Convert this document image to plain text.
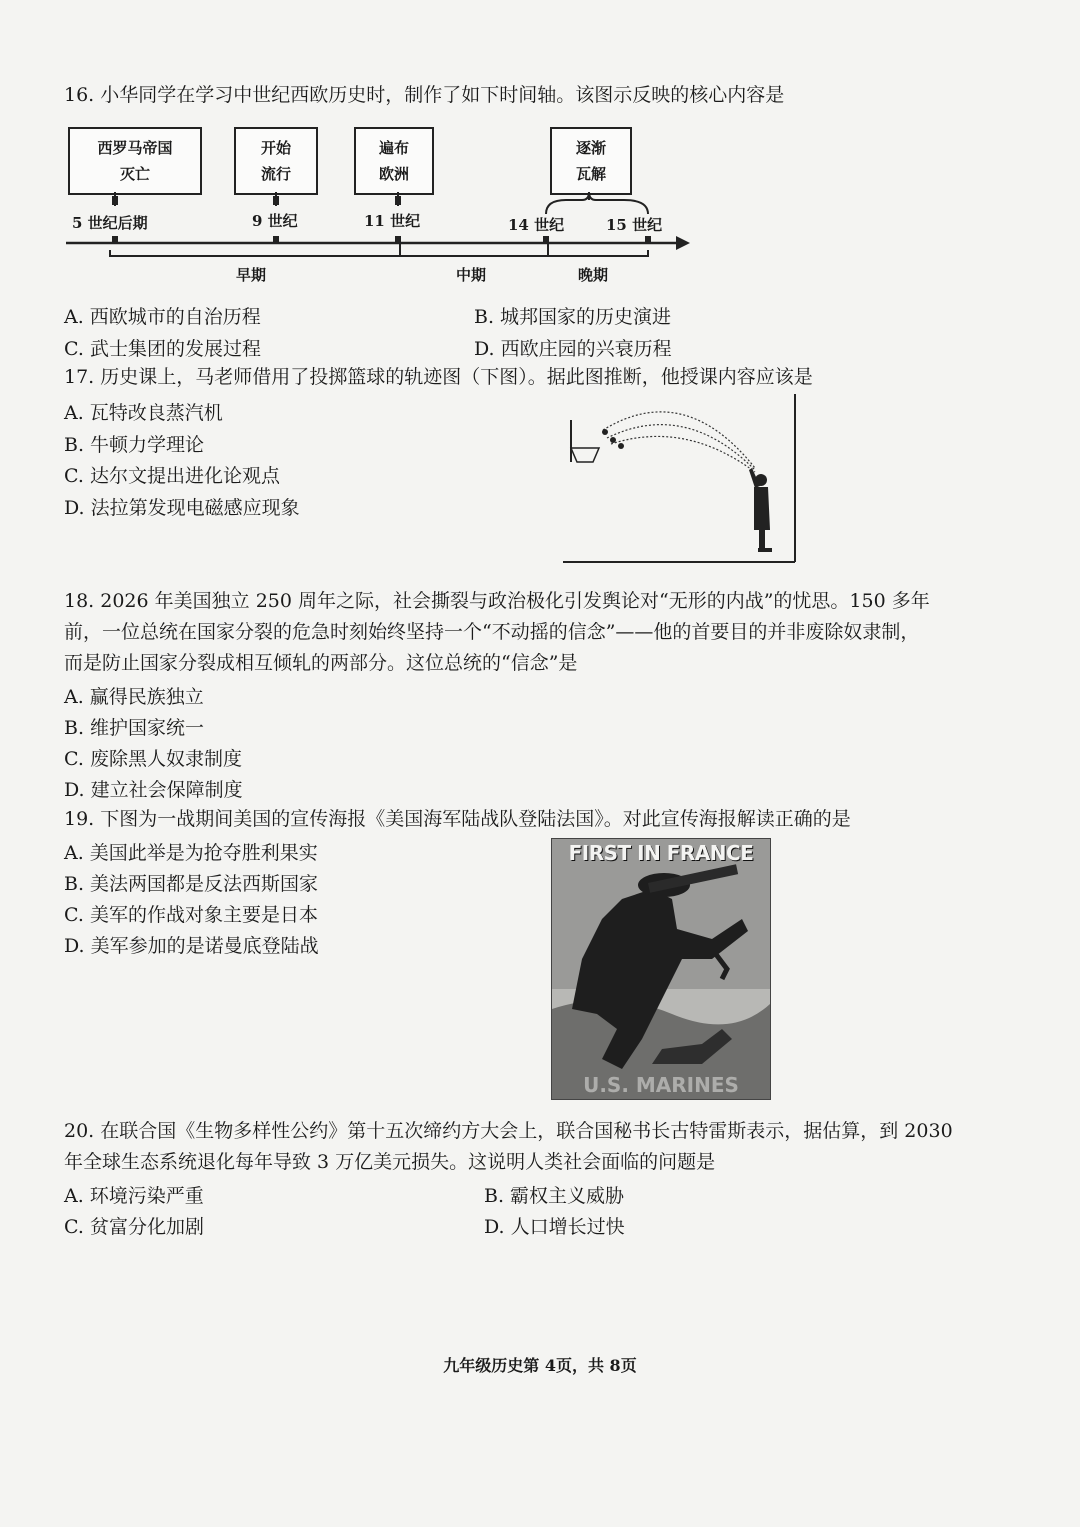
16. 小华同学在学习中世纪西欧历史时，制作了如下时间轴。该图示反映的核心内容是
西罗马帝国
灭亡
开始
流行
遍布
欧洲
逐渐
瓦解
5 世纪后期	9 世纪	11 世纪	14 世纪	15 世纪
早期	中期	晚期
A. 西欧城市的自治历程	B. 城邦国家的历史演进
C. 武士集团的发展过程	D. 西欧庄园的兴衰历程
17. 历史课上，马老师借用了投掷篮球的轨迹图（下图）。据此图推断，他授课内容应该是
A. 瓦特改良蒸汽机
B. 牛顿力学理论
C. 达尔文提出进化论观点
D. 法拉第发现电磁感应现象
18. 2026 年美国独立 250 周年之际，社会撕裂与政治极化引发舆论对“无形的内战”的忧思。150 多年
前，一位总统在国家分裂的危急时刻始终坚持一个“不动摇的信念”——他的首要目的并非废除奴隶制，
而是防止国家分裂成相互倾轧的两部分。这位总统的“信念”是
A. 赢得民族独立
B. 维护国家统一
C. 废除黑人奴隶制度
D. 建立社会保障制度
19. 下图为一战期间美国的宣传海报《美国海军陆战队登陆法国》。对此宣传海报解读正确的是
A. 美国此举是为抢夺胜利果实
B. 美法两国都是反法西斯国家
C. 美军的作战对象主要是日本
D. 美军参加的是诺曼底登陆战
FIRST IN FRANCE
U.S. MARINES
20. 在联合国《生物多样性公约》第十五次缔约方大会上，联合国秘书长古特雷斯表示，据估算，到 2030
年全球生态系统退化每年导致 3 万亿美元损失。这说明人类社会面临的问题是
A. 环境污染严重	B. 霸权主义威胁
C. 贫富分化加剧	D. 人口增长过快
九年级历史第 4页，共 8页
